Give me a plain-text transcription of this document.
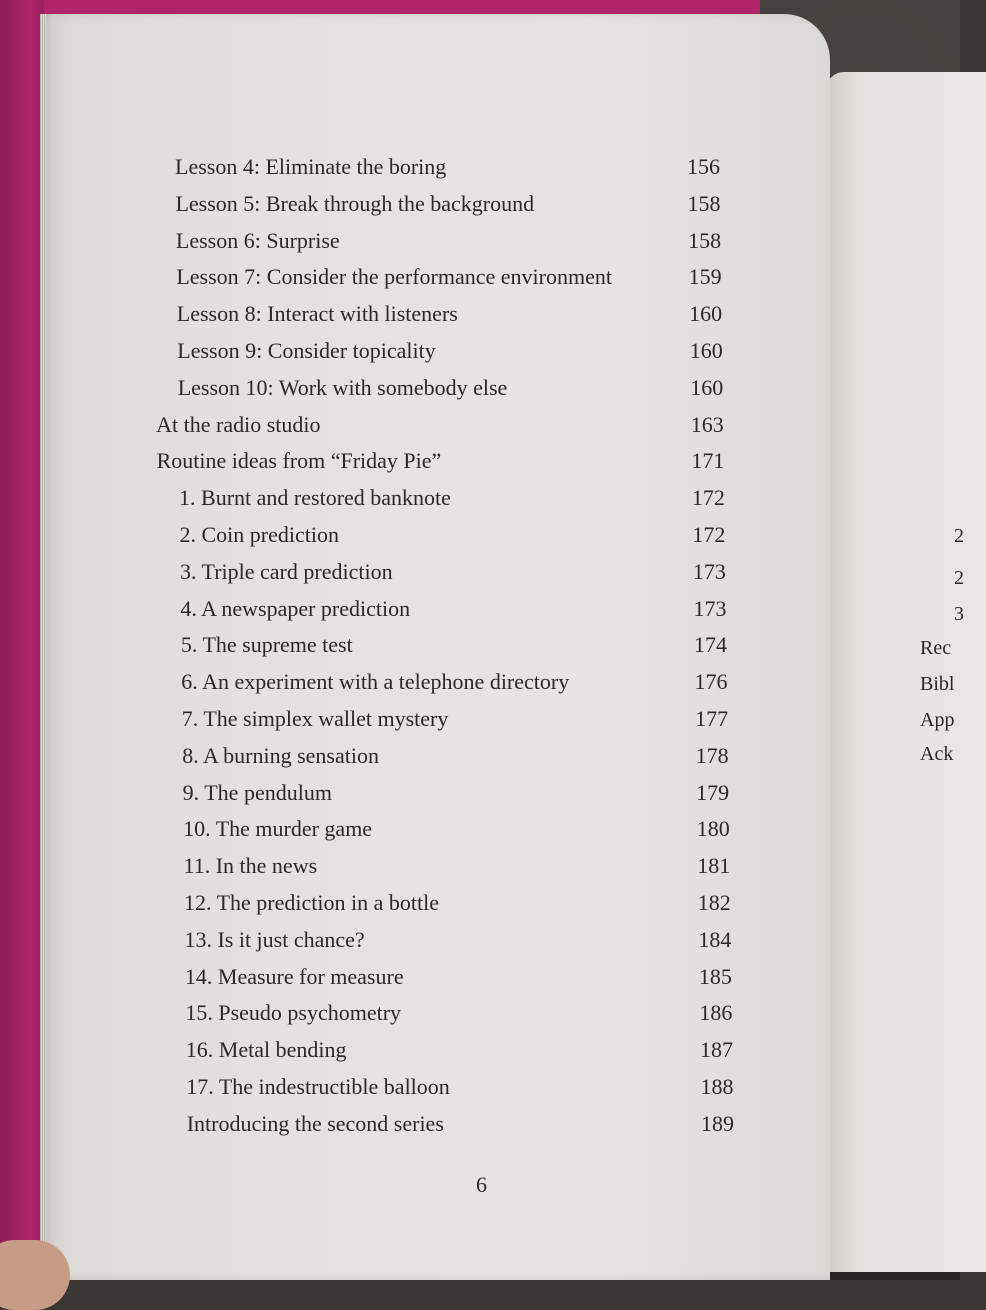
2
2
3
Rec
Bibl
App
Ack
Lesson 4: Eliminate the boring	156
Lesson 5: Break through the background	158
Lesson 6: Surprise	158
Lesson 7: Consider the performance environment	159
Lesson 8: Interact with listeners	160
Lesson 9: Consider topicality	160
Lesson 10: Work with somebody else	160
At the radio studio	163
Routine ideas from “Friday Pie”	171
1. Burnt and restored banknote	172
2. Coin prediction	172
3. Triple card prediction	173
4. A newspaper prediction	173
5. The supreme test	174
6. An experiment with a telephone directory	176
7. The simplex wallet mystery	177
8. A burning sensation	178
9. The pendulum	179
10. The murder game	180
11. In the news	181
12. The prediction in a bottle	182
13. Is it just chance?	184
14. Measure for measure	185
15. Pseudo psychometry	186
16. Metal bending	187
17. The indestructible balloon	188
Introducing the second series	189
6
